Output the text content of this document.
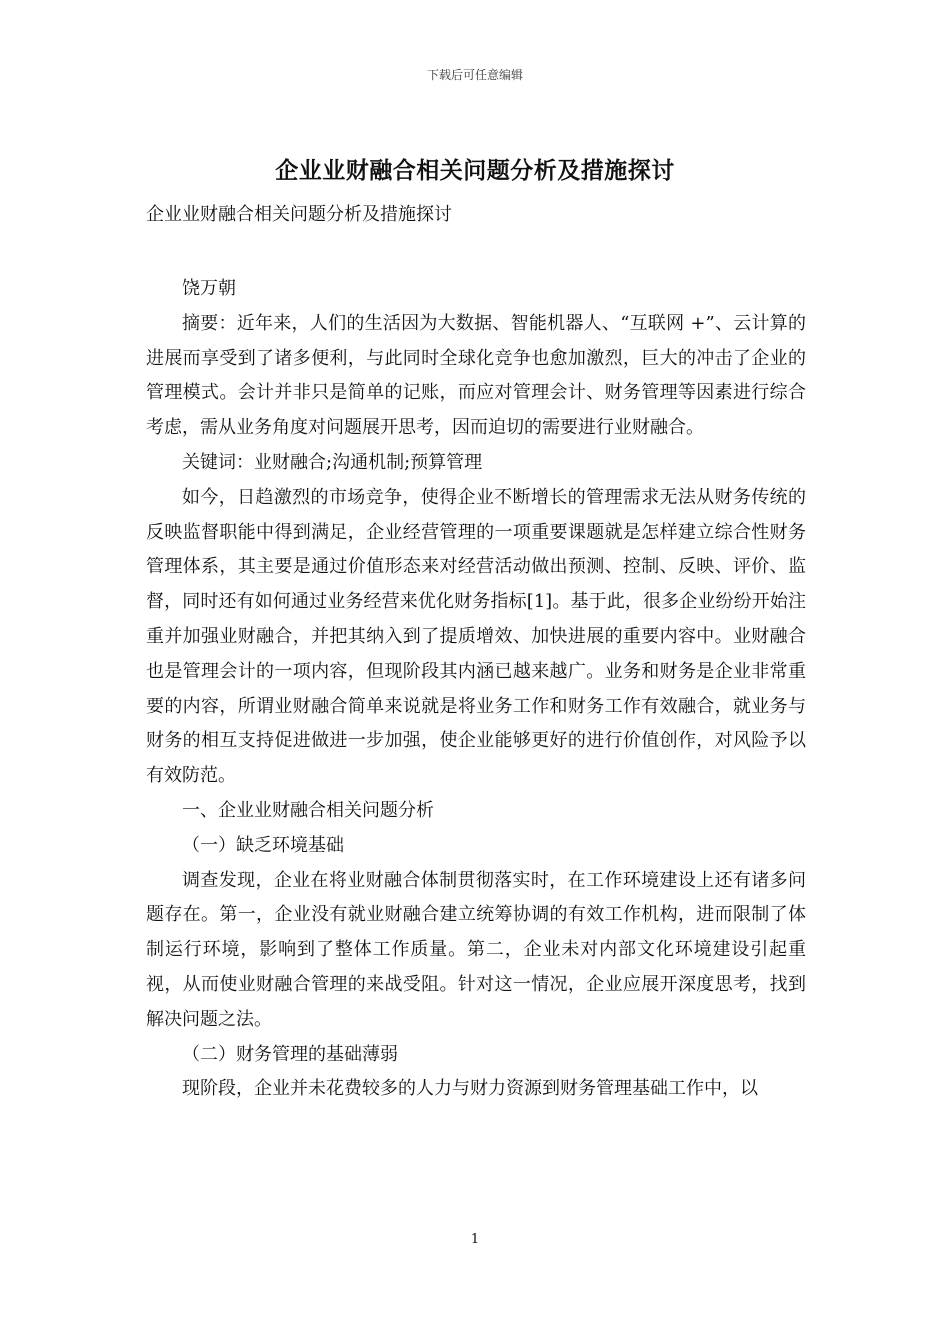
下载后可任意编辑
企业业财融合相关问题分析及措施探讨
企业业财融合相关问题分析及措施探讨

饶万朝

摘要：近年来，人们的生活因为大数据、智能机器人、“互联网 +”、云计算的进展而享受到了诸多便利，与此同时全球化竞争也愈加激烈，巨大的冲击了企业的管理模式。会计并非只是简单的记账，而应对管理会计、财务管理等因素进行综合考虑，需从业务角度对问题展开思考，因而迫切的需要进行业财融合。

关键词：业财融合;沟通机制;预算管理

如今，日趋激烈的市场竞争，使得企业不断增长的管理需求无法从财务传统的反映监督职能中得到满足，企业经营管理的一项重要课题就是怎样建立综合性财务管理体系，其主要是通过价值形态来对经营活动做出预测、控制、反映、评价、监督，同时还有如何通过业务经营来优化财务指标[1]。基于此，很多企业纷纷开始注重并加强业财融合，并把其纳入到了提质增效、加快进展的重要内容中。业财融合也是管理会计的一项内容，但现阶段其内涵已越来越广。业务和财务是企业非常重要的内容，所谓业财融合简单来说就是将业务工作和财务工作有效融合，就业务与财务的相互支持促进做进一步加强，使企业能够更好的进行价值创作，对风险予以有效防范。

一、企业业财融合相关问题分析

（一）缺乏环境基础

调查发现，企业在将业财融合体制贯彻落实时，在工作环境建设上还有诸多问题存在。第一，企业没有就业财融合建立统筹协调的有效工作机构，进而限制了体制运行环境，影响到了整体工作质量。第二，企业未对内部文化环境建设引起重视，从而使业财融合管理的来战受阻。针对这一情况，企业应展开深度思考，找到解决问题之法。

（二）财务管理的基础薄弱

现阶段，企业并未花费较多的人力与财力资源到财务管理基础工作中，以

1
